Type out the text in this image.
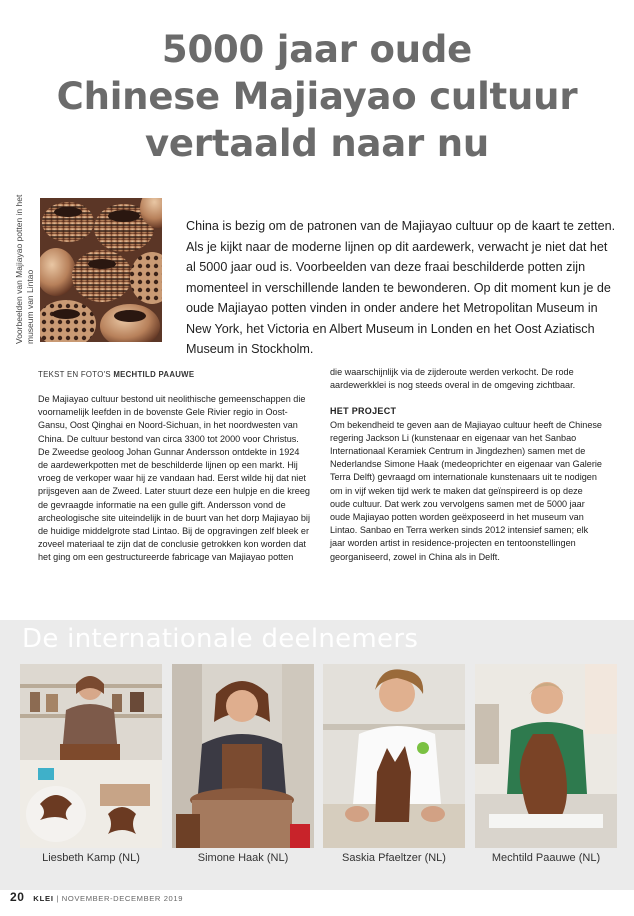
5000 jaar oude
Chinese Majiayao cultuur
vertaald naar nu
Voorbeelden van Majiayao potten in het museum van Lintao

China is bezig om de patronen van de Majiayao cultuur op de kaart te zetten. Als je kijkt naar de moderne lijnen op dit aardewerk, verwacht je niet dat het al 5000 jaar oud is. Voorbeelden van deze fraai beschilderde potten zijn momenteel in verschillende landen te bewonderen. Op dit moment kun je de oude Majiayao potten vinden in onder andere het Metropolitan Museum in New York, het Victoria en Albert Museum in Londen en het Oost Aziatisch Museum in Stockholm.

TEKST EN FOTO'S MECHTILD PAAUWE

De Majiayao cultuur bestond uit neolithische gemeenschappen die voornamelijk leefden in de bovenste Gele Rivier regio in Oost-Gansu, Oost Qinghai en Noord-Sichuan, in het noordwesten van China. De cultuur bestond van circa 3300 tot 2000 voor Christus. De Zweedse geoloog Johan Gunnar Andersson ontdekte in 1924 de aardewerkpotten met de beschilderde lijnen op een markt. Hij vroeg de verkoper waar hij ze vandaan had. Eerst wilde hij dat niet prijsgeven aan de Zweed. Later stuurt deze een hulpje en die kreeg de gevraagde informatie na een gulle gift. Andersson vond de archeologische site uiteindelijk in de buurt van het dorp Majiayao bij de huidige middelgrote stad Lintao. Bij de opgravingen zelf bleek er zoveel materiaal te zijn dat de conclusie getrokken kon worden dat het ging om een gestructureerde fabricage van Majiayao potten

die waarschijnlijk via de zijderoute werden verkocht. De rode aardewerkklei is nog steeds overal in de omgeving zichtbaar.

HET PROJECT

Om bekendheid te geven aan de Majiayao cultuur heeft de Chinese regering Jackson Li (kunstenaar en eigenaar van het Sanbao Internationaal Keramiek Centrum in Jingdezhen) samen met de Nederlandse Simone Haak (medeoprichter en eigenaar van Galerie Terra Delft) gevraagd om internationale kunstenaars uit te nodigen om in vijf weken tijd werk te maken dat geïnspireerd is op deze oude cultuur. Dat werk zou vervolgens samen met de 5000 jaar oude Majiayao potten worden geëxposeerd in het museum van Lintao. Sanbao en Terra werken sinds 2012 intensief samen; elk jaar worden artist in residence-projecten en tentoonstellingen georganiseerd, zowel in China als in Delft.

De internationale deelnemers
Liesbeth Kamp (NL)	Simone Haak (NL)	Saskia Pfaeltzer (NL)	Mechtild Paauwe (NL)
20 KLEI | NOVEMBER-DECEMBER 2019
